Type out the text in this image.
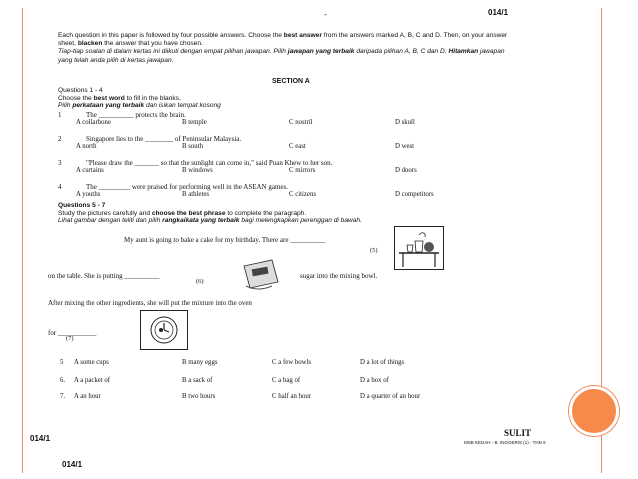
-	014/1
Each question in this paper is followed by four possible answers. Choose the best answer from the answers marked A, B, C and D. Then, on your answer sheet, blacken the answer that you have chosen.
Tiap-tiap soalan di dalam kertas ini diikuti dengan empat pilihan jawapan. Pilih jawapan yang terbaik daripada pilihan A, B, C dan D. Hitamkan jawapan yang telah anda pilih di kertas jawapan.
SECTION A
Questions 1 - 4
Choose the best word to fill in the blanks.
Pilih perkataan yang terbaik dan isikan tempat kosong
1	The __________ protects the brain.
A collarbone	B temple	C nostril	D skull
2	Singapore lies to the ________ of Peninsular Malaysia.
A north	B south	C east	D west
3	"Please draw the _______ so that the sunlight can come in," said Puan Khew to her son.
A curtains	B windows	C mirrors	D doors
4	The _________ were praised for performing well in the ASEAN games.
A youths	B athletes	C citizens	D competitors
Questions 5 - 7
Study the pictures carefully and choose the best phrase to complete the paragraph.
Lihat gambar dengan teliti dan pilih rangkaikata yang terbaik bagi melengkapkan perenggan di bawah.
My aunt is going to bake a cake for my birthday. There are __________
(5)
on the table. She is putting __________
(6)
sugar into the mixing bowl.
After mixing the other ingredients, she will put the mixture into the oven
for ___________
(7)
5 A some cups	B many eggs	C a few bowls	D a lot of things
6. A a packet of	B a sack of	C a bag of	D a box of
7. A an hour	B two hours	C half an hour	D a quarter of an hour
SULIT
MSB KEDAH - B. INGGERIS (1) - THN 6
014/1
014/1
